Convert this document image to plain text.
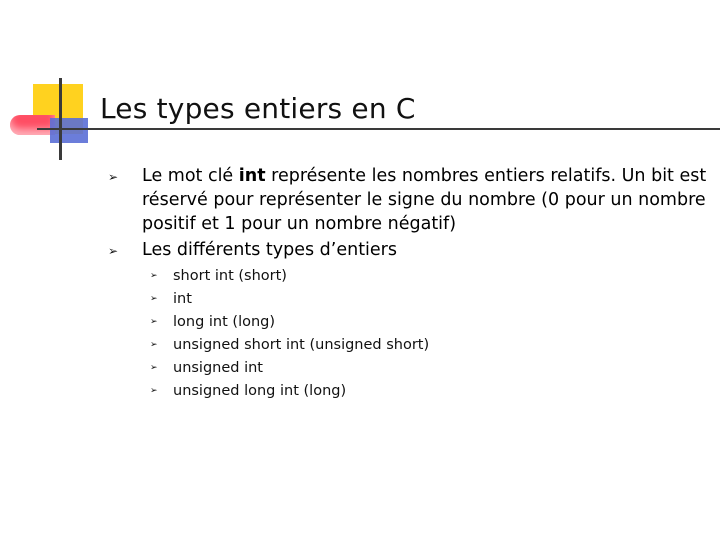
Les types entiers en C
➢	Le mot clé int représente les nombres entiers relatifs. Un bit est réservé pour représenter le signe du nombre (0 pour un nombre positif et 1 pour un nombre négatif)
➢	Les différents types d’entiers
➢	short int (short)
➢	int
➢	long int (long)
➢	unsigned short int (unsigned short)
➢	unsigned int
➢	unsigned long int (long)
